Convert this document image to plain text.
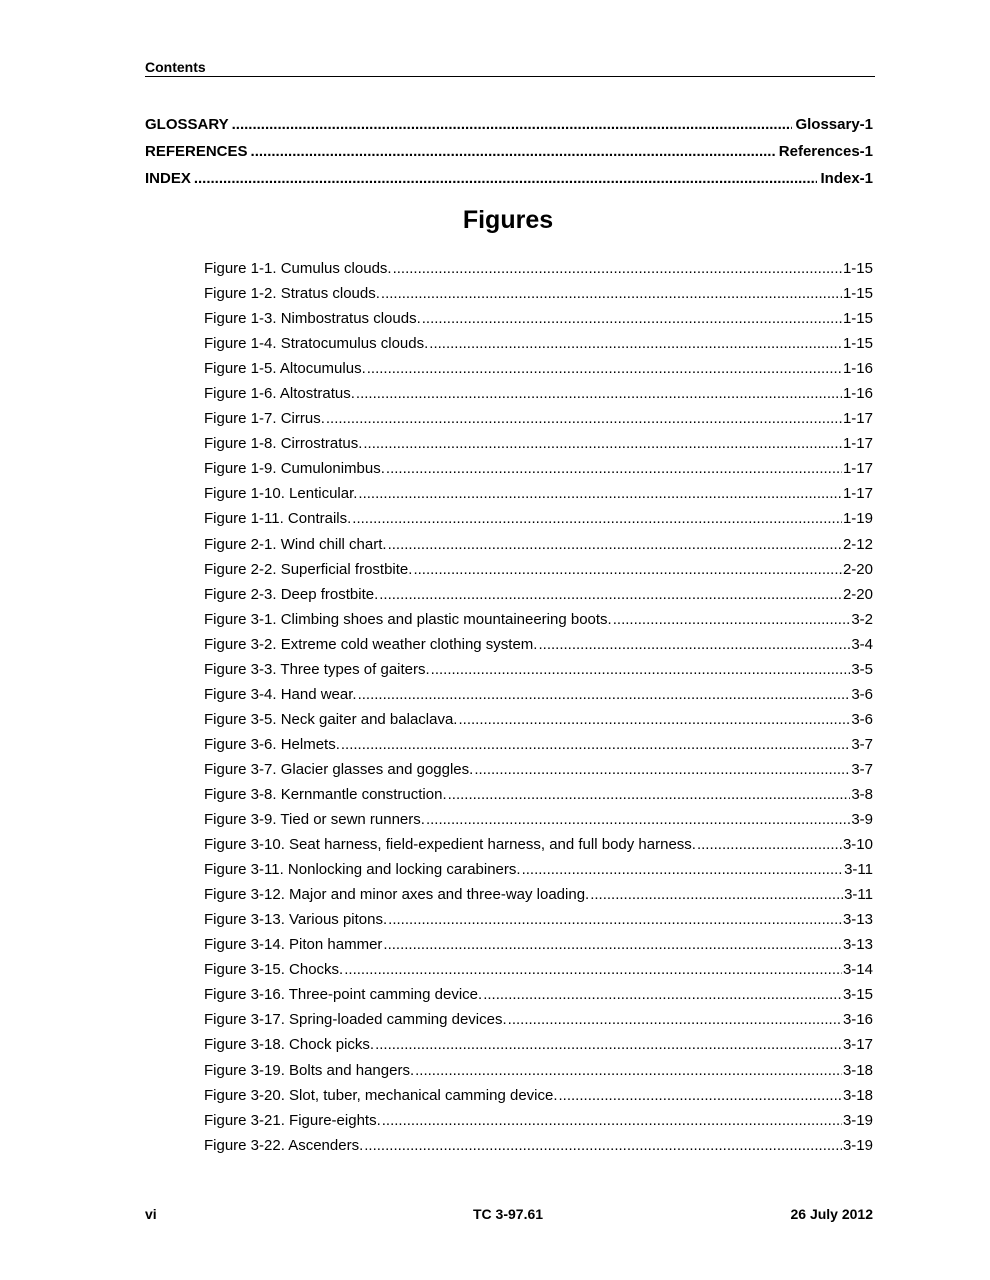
Contents
GLOSSARY .....	Glossary-1
REFERENCES .....	References-1
INDEX .....	Index-1
Figures
Figure 1-1. Cumulus clouds. .....	1-15
Figure 1-2. Stratus clouds. .....	1-15
Figure 1-3. Nimbostratus clouds. .....	1-15
Figure 1-4. Stratocumulus clouds. .....	1-15
Figure 1-5. Altocumulus. .....	1-16
Figure 1-6. Altostratus. .....	1-16
Figure 1-7. Cirrus. .....	1-17
Figure 1-8. Cirrostratus. .....	1-17
Figure 1-9. Cumulonimbus. .....	1-17
Figure 1-10. Lenticular. .....	1-17
Figure 1-11. Contrails. .....	1-19
Figure 2-1. Wind chill chart. .....	2-12
Figure 2-2. Superficial frostbite. .....	2-20
Figure 2-3. Deep frostbite. .....	2-20
Figure 3-1. Climbing shoes and plastic mountaineering boots. .....	3-2
Figure 3-2. Extreme cold weather clothing system. .....	3-4
Figure 3-3. Three types of gaiters. .....	3-5
Figure 3-4. Hand wear. .....	3-6
Figure 3-5. Neck gaiter and balaclava. .....	3-6
Figure 3-6. Helmets. .....	3-7
Figure 3-7. Glacier glasses and goggles. .....	3-7
Figure 3-8. Kernmantle construction. .....	3-8
Figure 3-9. Tied or sewn runners. .....	3-9
Figure 3-10. Seat harness, field-expedient harness, and full body harness. .....	3-10
Figure 3-11. Nonlocking and locking carabiners. .....	3-11
Figure 3-12. Major and minor axes and three-way loading. .....	3-11
Figure 3-13. Various pitons. .....	3-13
Figure 3-14. Piton hammer .....	3-13
Figure 3-15. Chocks. .....	3-14
Figure 3-16. Three-point camming device. .....	3-15
Figure 3-17. Spring-loaded camming devices. .....	3-16
Figure 3-18. Chock picks. .....	3-17
Figure 3-19. Bolts and hangers. .....	3-18
Figure 3-20. Slot, tuber, mechanical camming device. .....	3-18
Figure 3-21. Figure-eights. .....	3-19
Figure 3-22. Ascenders. .....	3-19
vi	TC 3-97.61	26 July 2012
